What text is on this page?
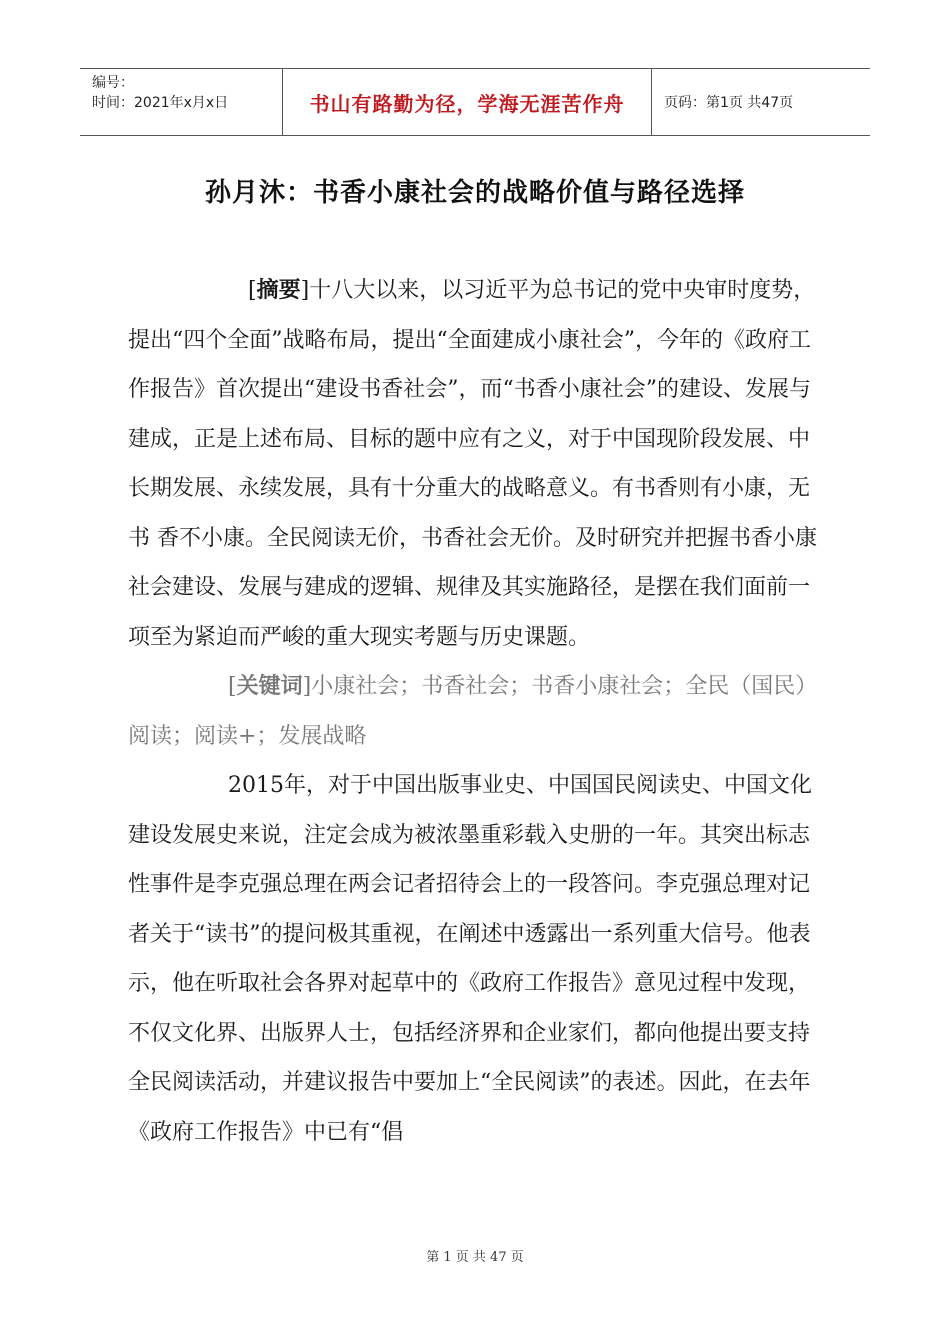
编号：
时间：2021年x月x日	书山有路勤为径，学海无涯苦作舟	页码：第1页 共47页
孙月沐：书香小康社会的战略价值与路径选择

[摘要]十八大以来，以习近平为总书记的党中央审时度势，提出“四个全面”战略布局，提出“全面建成小康社会”，今年的《政府工作报告》首次提出“建设书香社会”，而“书香小康社会”的建设、发展与建成，正是上述布局、目标的题中应有之义，对于中国现阶段发展、中长期发展、永续发展，具有十分重大的战略意义。有书香则有小康，无书 香不小康。全民阅读无价，书香社会无价。及时研究并把握书香小康社会建设、发展与建成的逻辑、规律及其实施路径，是摆在我们面前一项至为紧迫而严峻的重大现实考题与历史课题。

[关键词]小康社会；书香社会；书香小康社会；全民（国民）阅读；阅读+；发展战略

2015年，对于中国出版事业史、中国国民阅读史、中国文化建设发展史来说，注定会成为被浓墨重彩载入史册的一年。其突出标志性事件是李克强总理在两会记者招待会上的一段答问。李克强总理对记者关于“读书”的提问极其重视，在阐述中透露出一系列重大信号。他表示，他在听取社会各界对起草中的《政府工作报告》意见过程中发现，不仅文化界、出版界人士，包括经济界和企业家们，都向他提出要支持全民阅读活动，并建议报告中要加上“全民阅读”的表述。因此，在去年《政府工作报告》中已有“倡

第 1 页 共 47 页
